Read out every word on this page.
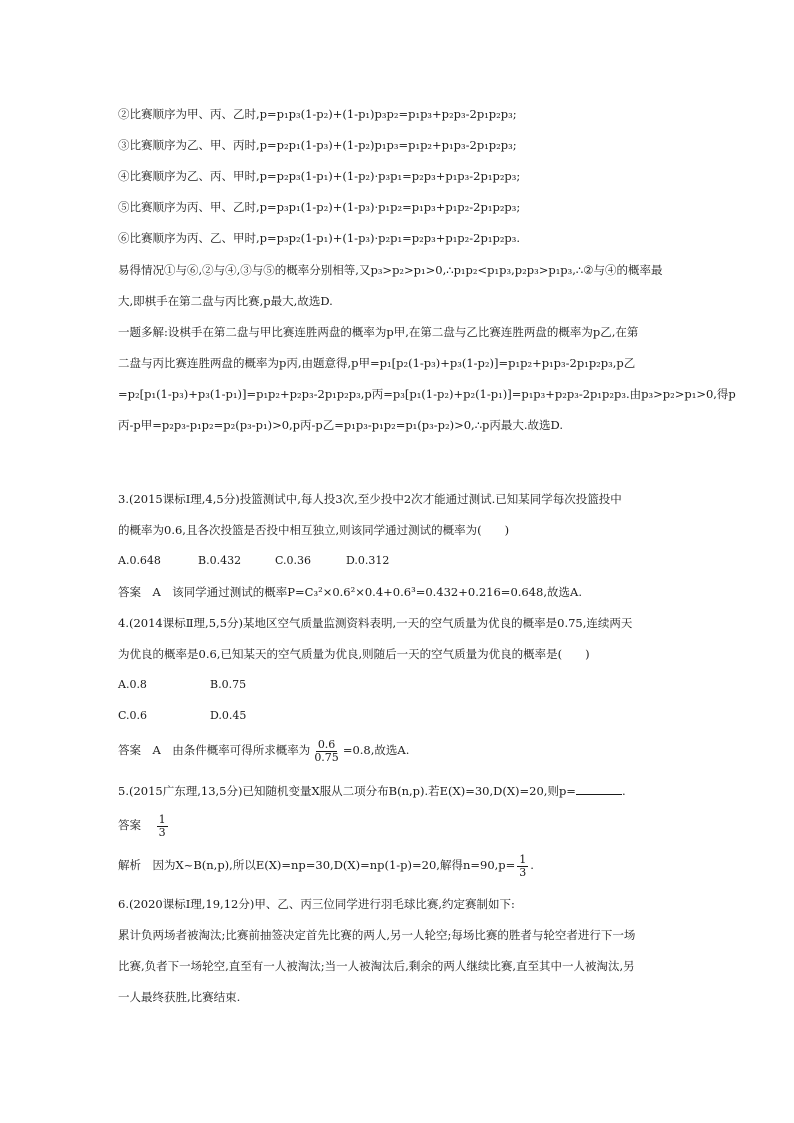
②比赛顺序为甲、丙、乙时,p=p₁p₃(1-p₂)+(1-p₁)p₃p₂=p₁p₃+p₂p₃-2p₁p₂p₃;
③比赛顺序为乙、甲、丙时,p=p₂p₁(1-p₃)+(1-p₂)p₁p₃=p₁p₂+p₁p₃-2p₁p₂p₃;
④比赛顺序为乙、丙、甲时,p=p₂p₃(1-p₁)+(1-p₂)·p₃p₁=p₂p₃+p₁p₃-2p₁p₂p₃;
⑤比赛顺序为丙、甲、乙时,p=p₃p₁(1-p₂)+(1-p₃)·p₁p₂=p₁p₃+p₁p₂-2p₁p₂p₃;
⑥比赛顺序为丙、乙、甲时,p=p₃p₂(1-p₁)+(1-p₃)·p₂p₁=p₂p₃+p₁p₂-2p₁p₂p₃.
易得情况①与⑥,②与④,③与⑤的概率分别相等,又p₃>p₂>p₁>0,∴p₁p₂<p₁p₃,p₂p₃>p₁p₃,∴②与④的概率最
大,即棋手在第二盘与丙比赛,p最大,故选D.
一题多解:设棋手在第二盘与甲比赛连胜两盘的概率为p甲,在第二盘与乙比赛连胜两盘的概率为p乙,在第
二盘与丙比赛连胜两盘的概率为p丙,由题意得,p甲=p₁[p₂(1-p₃)+p₃(1-p₂)]=p₁p₂+p₁p₃-2p₁p₂p₃,p乙
=p₂[p₁(1-p₃)+p₃(1-p₁)]=p₁p₂+p₂p₃-2p₁p₂p₃,p丙=p₃[p₁(1-p₂)+p₂(1-p₁)]=p₁p₃+p₂p₃-2p₁p₂p₃.由p₃>p₂>p₁>0,得p
丙-p甲=p₂p₃-p₁p₂=p₂(p₃-p₁)>0,p丙-p乙=p₁p₃-p₁p₂=p₁(p₃-p₂)>0,∴p丙最大.故选D.
3.(2015课标Ⅰ理,4,5分)投篮测试中,每人投3次,至少投中2次才能通过测试.已知某同学每次投篮投中
的概率为0.6,且各次投篮是否投中相互独立,则该同学通过测试的概率为(　　)
A.0.648	B.0.432	C.0.36	D.0.312
答案　A　该同学通过测试的概率P=C₃²×0.6²×0.4+0.6³=0.432+0.216=0.648,故选A.
4.(2014课标Ⅱ理,5,5分)某地区空气质量监测资料表明,一天的空气质量为优良的概率是0.75,连续两天
为优良的概率是0.6,已知某天的空气质量为优良,则随后一天的空气质量为优良的概率是(　　)
A.0.8	B.0.75
C.0.6	D.0.45
答案　A　由条件概率可得所求概率为 $\frac{0.6}{0.75} =0.8$,故选A.
5.(2015广东理,13,5分)已知随机变量X服从二项分布B(n,p).若E(X)=30,D(X)=20,则p=	.
答案 $\frac{1}{3}$
解析　因为X~B(n,p),所以E(X)=np=30,D(X)=np(1-p)=20,解得$n=90,p= \frac{1}{3}$ .
6.(2020课标Ⅰ理,19,12分)甲、乙、丙三位同学进行羽毛球比赛,约定赛制如下:
累计负两场者被淘汰;比赛前抽签决定首先比赛的两人,另一人轮空;每场比赛的胜者与轮空者进行下一场
比赛,负者下一场轮空,直至有一人被淘汰;当一人被淘汰后,剩余的两人继续比赛,直至其中一人被淘汰,另
一人最终获胜,比赛结束.
